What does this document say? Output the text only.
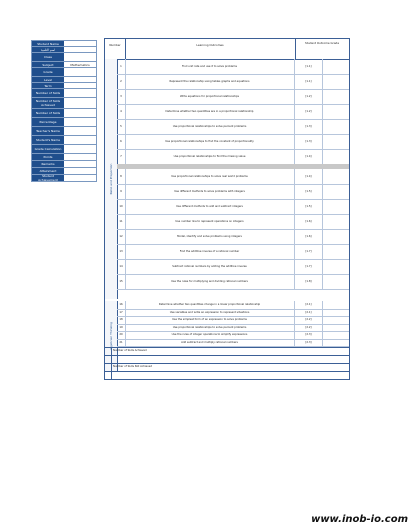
Student Name
اسم التلميذ
Class
Subject	Mathematics
Grade
Level
Term
Number of SLOs
Number of SLOs Achieved
Number of SLOs
Percentage
Teacher's Name
Student's Name
Grade Calculation
Points
Remarks
Attainment
Student Achievement
Number	Learning Outcomes	Student Outcome Grade
Ratio and Proportion
Algebraic Thinking
1	Find unit rate and use it to solve problems	[1.1]
2	Represent the relationship using tables graphs and equations	[1.1]
3	Write equations for proportional relationships	[1.2]
4	Determine whether two quantities are in a proportional relationship	[1.2]
5	Use proportional relationships to solve percent problems	[1.3]
6	Use proportional relationships to find the constant of proportionality	[1.3]
7	Use proportional relationships to find the missing value	[1.4]
8	Use proportional relationships to solve real world problems	[1.4]
9	Use different methods to solve problems with integers	[1.5]
10	Use different methods to add and subtract integers	[1.5]
11	Use number line to represent operations on integers	[1.6]
12	Model, identify and solve problems using integers	[1.6]
13	Find the additive inverse of a rational number	[1.7]
14	Subtract rational numbers by adding the additive inverse	[1.7]
15	Use the rules for multiplying and dividing rational numbers	[1.8]
16	Determine whether two quantities change in a linear proportional relationship	[2.1]
17	Use variables and write an expression to represent situations	[2.1]
18	Use the simplest form of an expression to solve problems	[2.2]
19	Use proportional relationships to solve percent problems	[2.2]
20	Use the rules of integer operations to simplify expressions	[2.3]
21	Add subtract and multiply rational numbers	[2.3]
Number of SLOs Achieved
Number of SLOs Not Achieved
www.inob-io.com
